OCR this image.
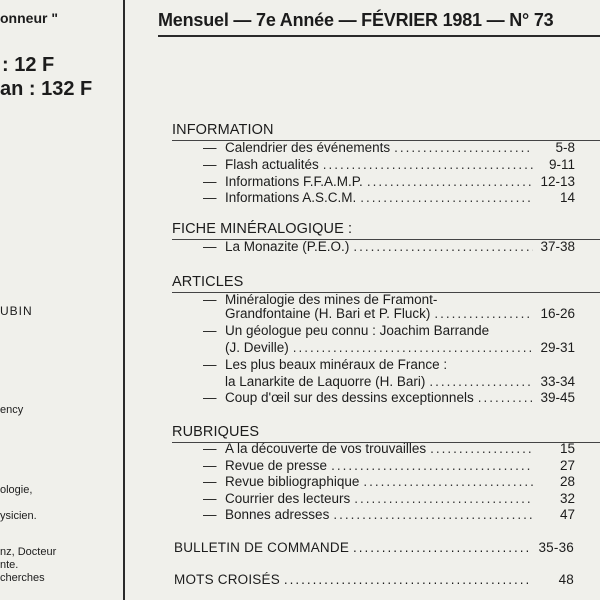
onneur "
: 12 F
an : 132 F
UBIN
ency
ologie,
ysicien.
nz, Docteur
nte.
cherches
Mensuel — 7e Année — FÉVRIER 1981 — N° 73
INFORMATION
— Calendrier des événements .....	5-8
— Flash actualités .....	9-11
— Informations F.F.A.M.P. .....	12-13
— Informations A.S.C.M. .....	14
FICHE MINÉRALOGIQUE :
— La Monazite (P.E.O.) .....	37-38
ARTICLES
Minéralogie des mines de Framont-
—
Grandfontaine (H. Bari et P. Fluck) .....	16-26
— Un géologue peu connu : Joachim Barrande
(J. Deville) .....	29-31
— Les plus beaux minéraux de France :
la Lanarkite de Laquorre (H. Bari) .....	33-34
— Coup d'œil sur des dessins exceptionnels .....	39-45
RUBRIQUES
— A la découverte de vos trouvailles .....	15
— Revue de presse .....	27
— Revue bibliographique .....	28
— Courrier des lecteurs .....	32
— Bonnes adresses .....	47
BULLETIN DE COMMANDE .....	35-36
MOTS CROISÉS .....	48
